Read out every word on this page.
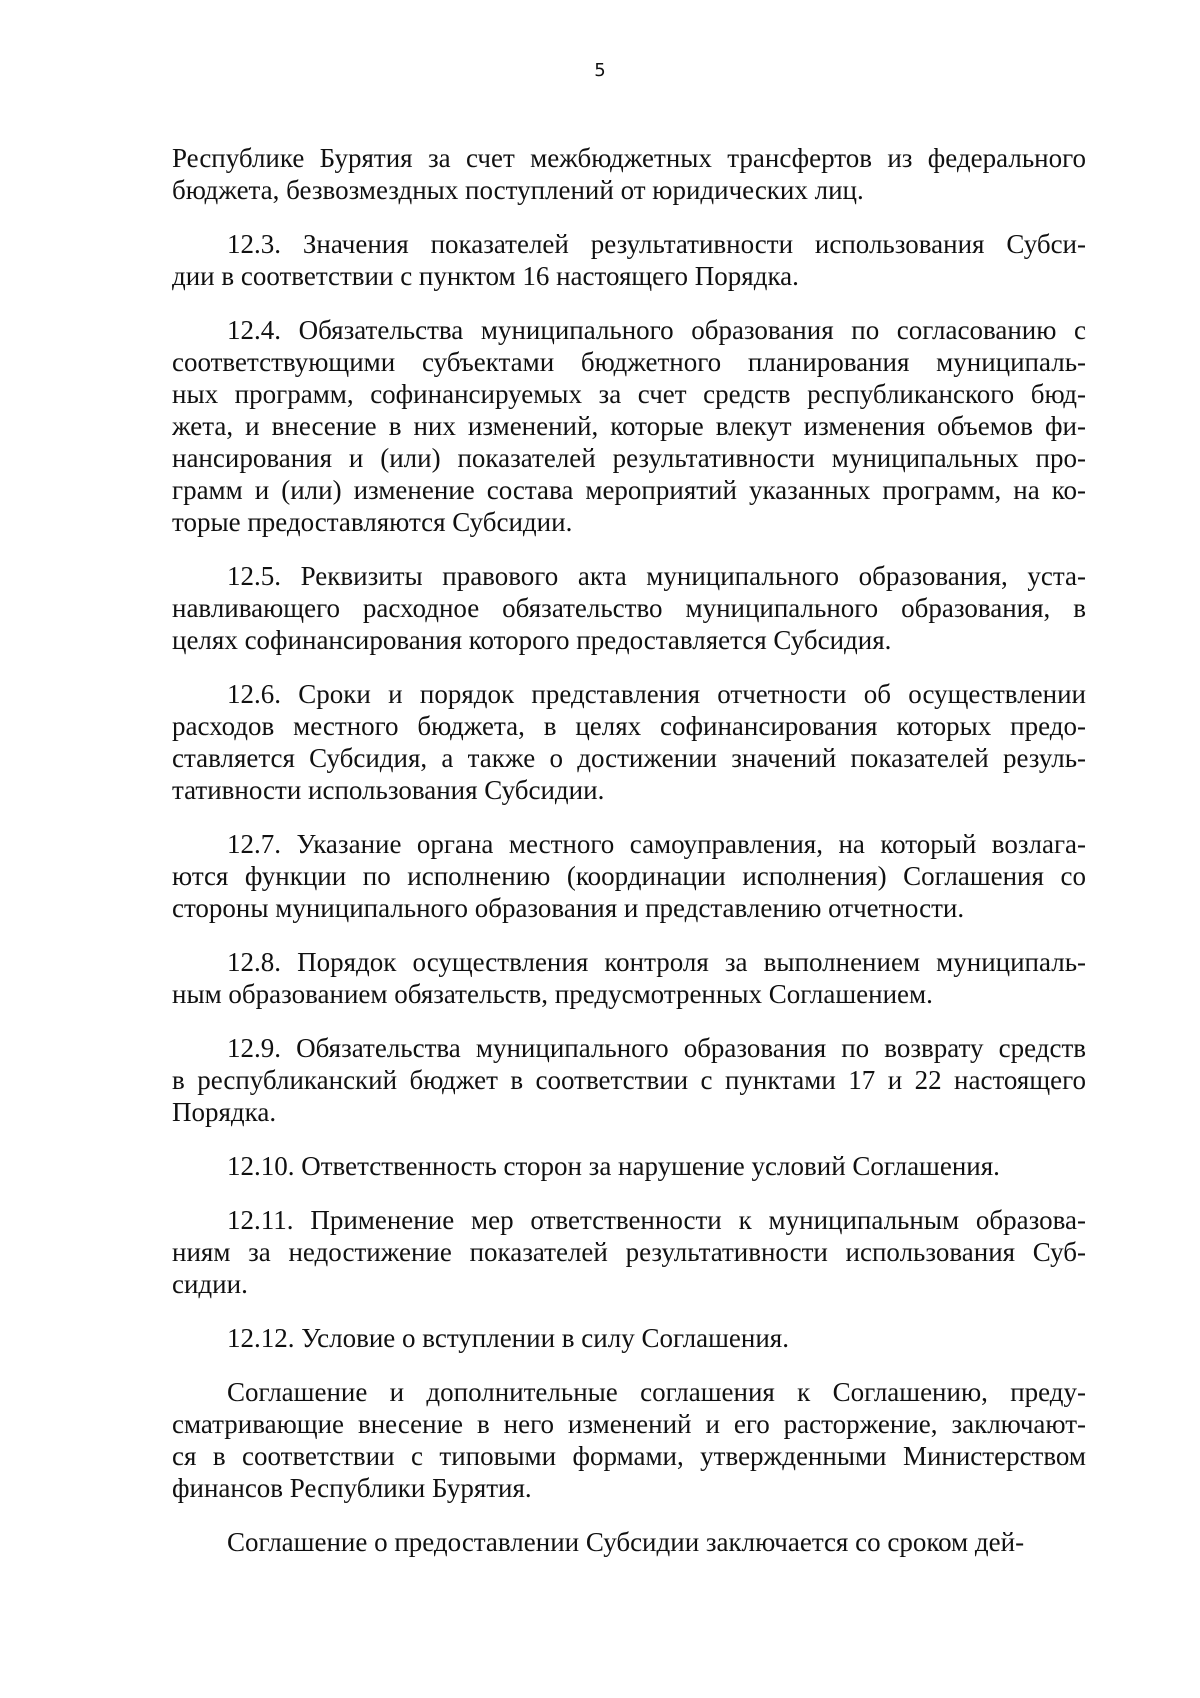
5
Республике Бурятия за счет межбюджетных трансфертов из федерального
бюджета, безвозмездных поступлений от юридических лиц.
12.3. Значения показателей результативности использования Субси-
дии в соответствии с пунктом 16 настоящего Порядка.
12.4. Обязательства муниципального образования по согласованию с
соответствующими субъектами бюджетного планирования муниципаль-
ных программ, софинансируемых за счет средств республиканского бюд-
жета, и внесение в них изменений, которые влекут изменения объемов фи-
нансирования и (или) показателей результативности муниципальных про-
грамм и (или) изменение состава мероприятий указанных программ, на ко-
торые предоставляются Субсидии.
12.5. Реквизиты правового акта муниципального образования, уста-
навливающего расходное обязательство муниципального образования, в
целях софинансирования которого предоставляется Субсидия.
12.6. Сроки и порядок представления отчетности об осуществлении
расходов местного бюджета, в целях софинансирования которых предо-
ставляется Субсидия, а также о достижении значений показателей резуль-
тативности использования Субсидии.
12.7. Указание органа местного самоуправления, на который возлага-
ются функции по исполнению (координации исполнения) Соглашения со
стороны муниципального образования и представлению отчетности.
12.8. Порядок осуществления контроля за выполнением муниципаль-
ным образованием обязательств, предусмотренных Соглашением.
12.9. Обязательства муниципального образования по возврату средств
в республиканский бюджет в соответствии с пунктами 17 и 22 настоящего
Порядка.
12.10. Ответственность сторон за нарушение условий Соглашения.
12.11. Применение мер ответственности к муниципальным образова-
ниям за недостижение показателей результативности использования Суб-
сидии.
12.12. Условие о вступлении в силу Соглашения.
Соглашение и дополнительные соглашения к Соглашению, преду-
сматривающие внесение в него изменений и его расторжение, заключают-
ся в соответствии с типовыми формами, утвержденными Министерством
финансов Республики Бурятия.
Соглашение о предоставлении Субсидии заключается со сроком дей-
